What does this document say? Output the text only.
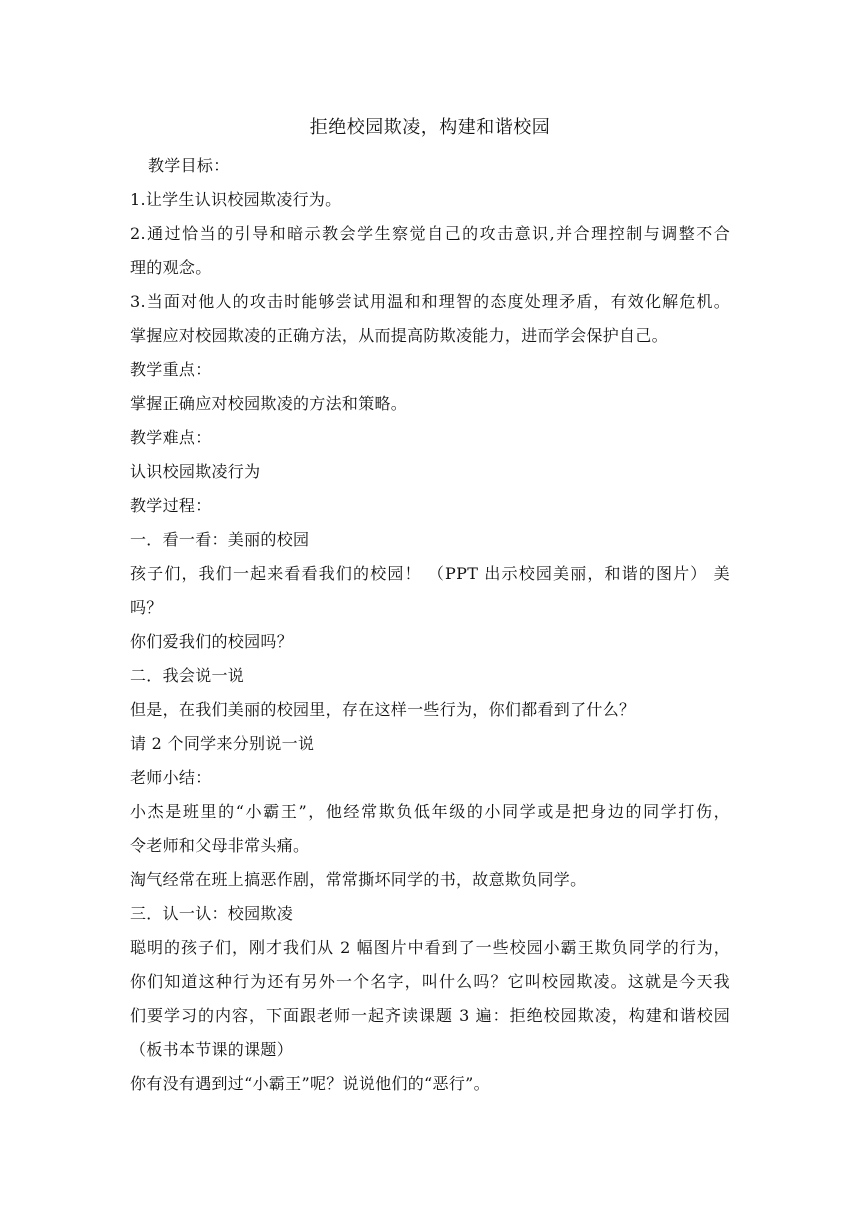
拒绝校园欺凌，构建和谐校园
教学目标：
1.让学生认识校园欺凌行为。
2.通过恰当的引导和暗示教会学生察觉自己的攻击意识,并合理控制与调整不合
理的观念。
3.当面对他人的攻击时能够尝试用温和和理智的态度处理矛盾，有效化解危机。
掌握应对校园欺凌的正确方法，从而提高防欺凌能力，进而学会保护自己。
教学重点：
掌握正确应对校园欺凌的方法和策略。
教学难点：
认识校园欺凌行为
教学过程：
一．看一看：美丽的校园
孩子们，我们一起来看看我们的校园！ （PPT 出示校园美丽，和谐的图片） 美
吗？
你们爱我们的校园吗？
二．我会说一说
但是，在我们美丽的校园里，存在这样一些行为，你们都看到了什么？
请 2 个同学来分别说一说
老师小结：
小杰是班里的“小霸王”，他经常欺负低年级的小同学或是把身边的同学打伤，
令老师和父母非常头痛。
淘气经常在班上搞恶作剧，常常撕坏同学的书，故意欺负同学。
三．认一认：校园欺凌
聪明的孩子们，刚才我们从 2 幅图片中看到了一些校园小霸王欺负同学的行为，
你们知道这种行为还有另外一个名字，叫什么吗？它叫校园欺凌。这就是今天我
们要学习的内容，下面跟老师一起齐读课题 3 遍：拒绝校园欺凌，构建和谐校园
（板书本节课的课题）
你有没有遇到过“小霸王”呢？说说他们的“恶行”。
